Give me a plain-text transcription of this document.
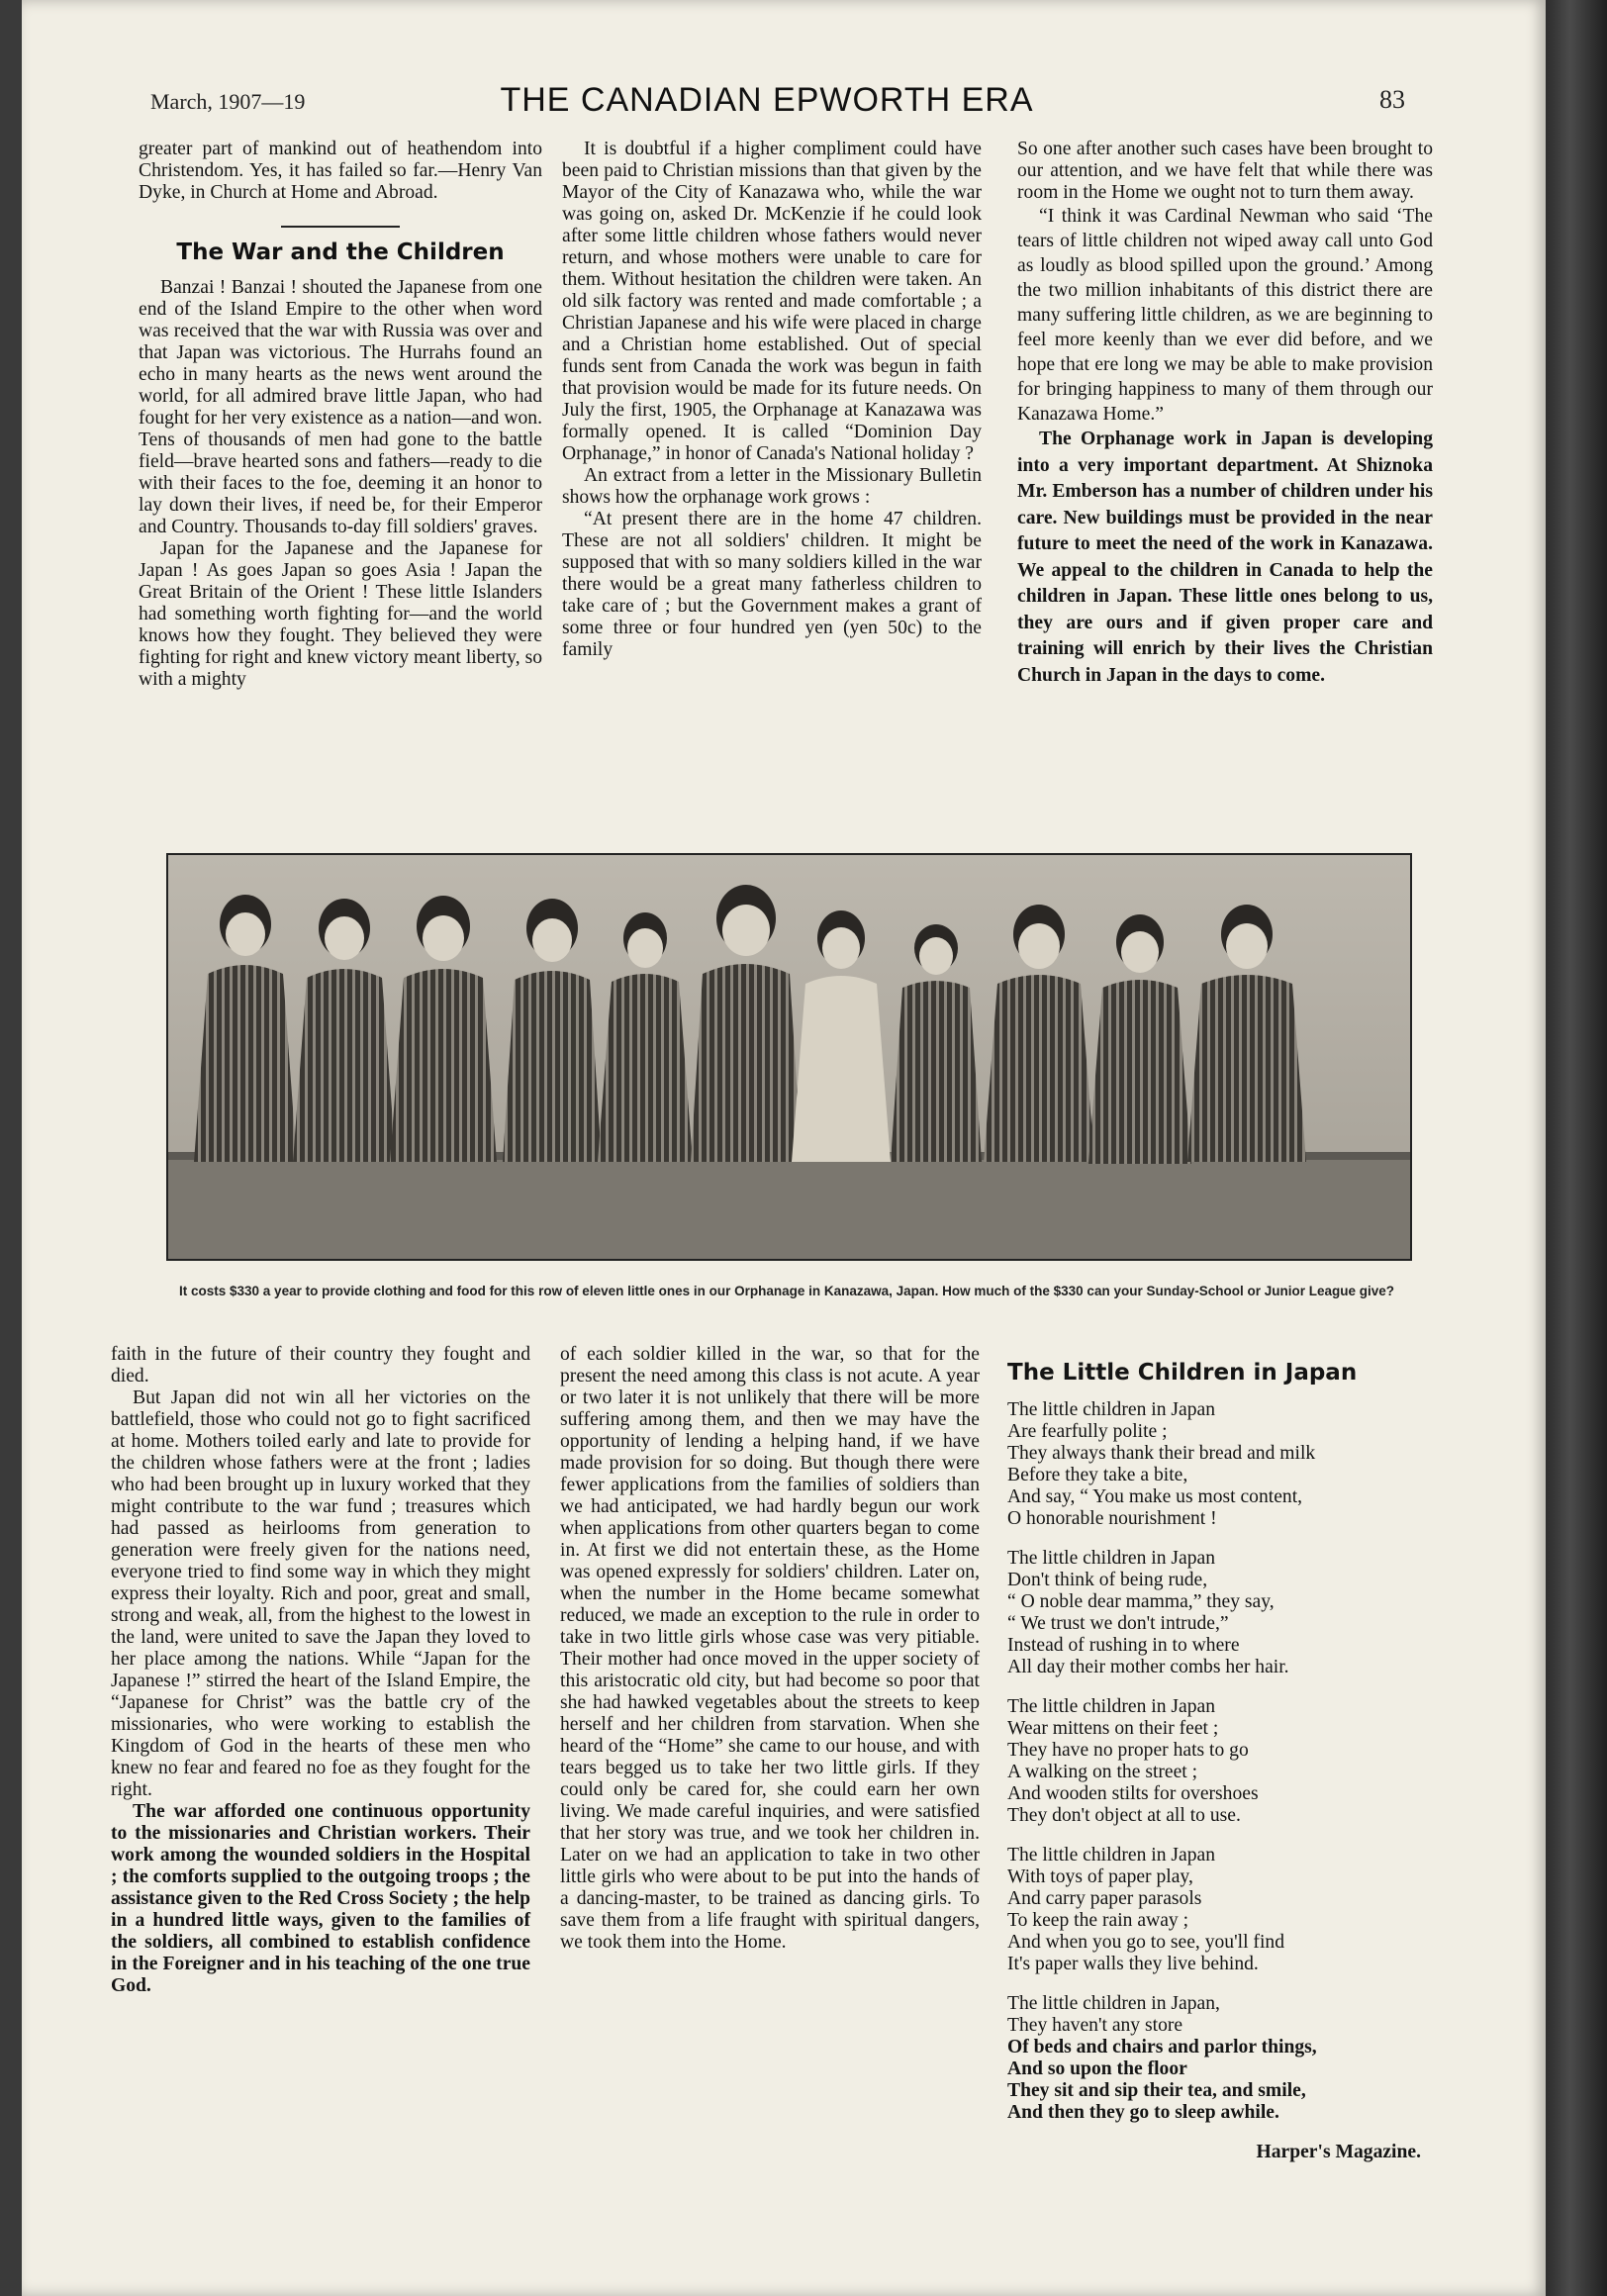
March, 1907—19	THE CANADIAN EPWORTH ERA	83

greater part of mankind out of heathendom into Christendom. Yes, it has failed so far.—Henry Van Dyke, in Church at Home and Abroad.

The War and the Children

Banzai ! Banzai ! shouted the Japanese from one end of the Island Empire to the other when word was received that the war with Russia was over and that Japan was victorious. The Hurrahs found an echo in many hearts as the news went around the world, for all admired brave little Japan, who had fought for her very existence as a nation—and won. Tens of thousands of men had gone to the battle field—brave hearted sons and fathers—ready to die with their faces to the foe, deeming it an honor to lay down their lives, if need be, for their Emperor and Country. Thousands to-day fill soldiers' graves.

Japan for the Japanese and the Japanese for Japan ! As goes Japan so goes Asia ! Japan the Great Britain of the Orient ! These little Islanders had something worth fighting for—and the world knows how they fought. They believed they were fighting for right and knew victory meant liberty, so with a mighty

It is doubtful if a higher compliment could have been paid to Christian missions than that given by the Mayor of the City of Kanazawa who, while the war was going on, asked Dr. McKenzie if he could look after some little children whose fathers would never return, and whose mothers were unable to care for them. Without hesitation the children were taken. An old silk factory was rented and made comfortable ; a Christian Japanese and his wife were placed in charge and a Christian home established. Out of special funds sent from Canada the work was begun in faith that provision would be made for its future needs. On July the first, 1905, the Orphanage at Kanazawa was formally opened. It is called “Dominion Day Orphanage,” in honor of Canada's National holiday ?

An extract from a letter in the Missionary Bulletin shows how the orphanage work grows :

“At present there are in the home 47 children. These are not all soldiers' children. It might be supposed that with so many soldiers killed in the war there would be a great many fatherless children to take care of ; but the Government makes a grant of some three or four hundred yen (yen 50c) to the family

So one after another such cases have been brought to our attention, and we have felt that while there was room in the Home we ought not to turn them away.

“I think it was Cardinal Newman who said ‘The tears of little children not wiped away call unto God as loudly as blood spilled upon the ground.’ Among the two million inhabitants of this district there are many suffering little children, as we are beginning to feel more keenly than we ever did before, and we hope that ere long we may be able to make provision for bringing happiness to many of them through our Kanazawa Home.”

The Orphanage work in Japan is developing into a very important department. At Shiznoka Mr. Emberson has a number of children under his care. New buildings must be provided in the near future to meet the need of the work in Kanazawa. We appeal to the children in Canada to help the children in Japan. These little ones belong to us, they are ours and if given proper care and training will enrich by their lives the Christian Church in Japan in the days to come.

It costs $330 a year to provide clothing and food for this row of eleven little ones in our Orphanage in Kanazawa, Japan. How much of the $330 can your Sunday-School or Junior League give?

faith in the future of their country they fought and died.

But Japan did not win all her victories on the battlefield, those who could not go to fight sacrificed at home. Mothers toiled early and late to provide for the children whose fathers were at the front ; ladies who had been brought up in luxury worked that they might contribute to the war fund ; treasures which had passed as heirlooms from generation to generation were freely given for the nations need, everyone tried to find some way in which they might express their loyalty. Rich and poor, great and small, strong and weak, all, from the highest to the lowest in the land, were united to save the Japan they loved to her place among the nations. While “Japan for the Japanese !” stirred the heart of the Island Empire, the “Japanese for Christ” was the battle cry of the missionaries, who were working to establish the Kingdom of God in the hearts of these men who knew no fear and feared no foe as they fought for the right.

The war afforded one continuous opportunity to the missionaries and Christian workers. Their work among the wounded soldiers in the Hospital ; the comforts supplied to the outgoing troops ; the assistance given to the Red Cross Society ; the help in a hundred little ways, given to the families of the soldiers, all combined to establish confidence in the Foreigner and in his teaching of the one true God.

of each soldier killed in the war, so that for the present the need among this class is not acute. A year or two later it is not unlikely that there will be more suffering among them, and then we may have the opportunity of lending a helping hand, if we have made provision for so doing. But though there were fewer applications from the families of soldiers than we had anticipated, we had hardly begun our work when applications from other quarters began to come in. At first we did not entertain these, as the Home was opened expressly for soldiers' children. Later on, when the number in the Home became somewhat reduced, we made an exception to the rule in order to take in two little girls whose case was very pitiable. Their mother had once moved in the upper society of this aristocratic old city, but had become so poor that she had hawked vegetables about the streets to keep herself and her children from starvation. When she heard of the “Home” she came to our house, and with tears begged us to take her two little girls. If they could only be cared for, she could earn her own living. We made careful inquiries, and were satisfied that her story was true, and we took her children in. Later on we had an application to take in two other little girls who were about to be put into the hands of a dancing-master, to be trained as dancing girls. To save them from a life fraught with spiritual dangers, we took them into the Home.

The Little Children in Japan
The little children in Japan
Are fearfully polite ;
They always thank their bread and milk
Before they take a bite,
And say, “ You make us most content,
O honorable nourishment !
The little children in Japan
Don't think of being rude,
“ O noble dear mamma,” they say,
“ We trust we don't intrude,”
Instead of rushing in to where
All day their mother combs her hair.
The little children in Japan
Wear mittens on their feet ;
They have no proper hats to go
A walking on the street ;
And wooden stilts for overshoes
They don't object at all to use.
The little children in Japan
With toys of paper play,
And carry paper parasols
To keep the rain away ;
And when you go to see, you'll find
It's paper walls they live behind.
The little children in Japan,
They haven't any store
Of beds and chairs and parlor things,
And so upon the floor
They sit and sip their tea, and smile,
And then they go to sleep awhile.
Harper's Magazine.
